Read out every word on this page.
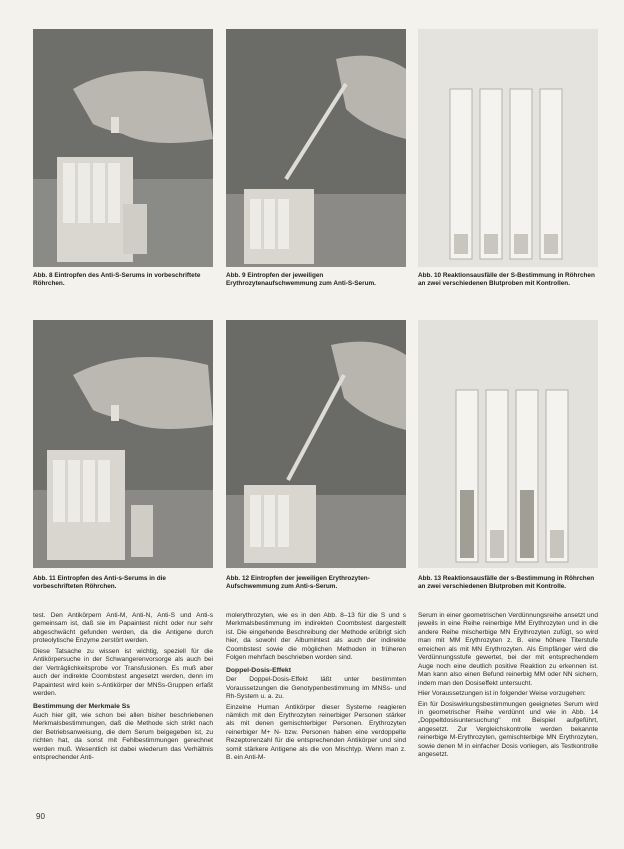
Abb. 8 Eintropfen des Anti-S-Serums in vorbeschriftete Röhrchen.
Abb. 9 Eintropfen der jeweiligen Erythrozytenaufschwemmung zum Anti-S-Serum.
Abb. 10 Reaktionsausfälle der S-Bestimmung in Röhrchen an zwei verschiedenen Blutproben mit Kontrollen.
Abb. 11 Eintropfen des Anti-s-Serums in die vorbeschrifteten Röhrchen.
Abb. 12 Eintropfen der jeweiligen Erythrozyten-Aufschwemmung zum Anti-s-Serum.
Abb. 13 Reaktionsausfälle der s-Bestimmung in Röhrchen an zwei verschiedenen Blutproben mit Kontrolle.

test. Den Antikörpern Anti-M, Anti-N, Anti-S und Anti-s gemeinsam ist, daß sie im Papaintest nicht oder nur sehr abgeschwächt gefunden werden, da die Antigene durch proteolytische Enzyme zerstört werden.

Diese Tatsache zu wissen ist wichtig, speziell für die Antikörpersuche in der Schwangerenvorsorge als auch bei der Verträglichkeitsprobe vor Transfusionen. Es muß aber auch der indirekte Coombstest angesetzt werden, denn im Papaintest wird kein s-Antikörper der MNSs-Gruppen erfaßt werden.

Bestimmung der Merkmale Ss

Auch hier gilt, wie schon bei allen bisher beschriebenen Merkmalsbestimmungen, daß die Methode sich strikt nach der Betriebsanweisung, die dem Serum beigegeben ist, zu richten hat, da sonst mit Fehlbestimmungen gerechnet werden muß. Wesentlich ist dabei wiederum das Verhältnis entsprechender Anti-

molerythrozyten, wie es in den Abb. 8–13 für die S und s Merkmalsbestimmung im indirekten Coombstest dargestellt ist. Die eingehende Beschreibung der Methode erübrigt sich hier, da sowohl der Albumintest als auch der indirekte Coombstest sowie die möglichen Methoden in früheren Folgen mehrfach beschrieben worden sind.

Doppel-Dosis-Effekt

Der Doppel-Dosis-Effekt läßt unter bestimmten Voraussetzungen die Genotypenbestimmung im MNSs- und Rh-System u. a. zu.

Einzelne Human Antikörper dieser Systeme reagieren nämlich mit den Erythrozyten reinerbiger Personen stärker als mit denen gemischterbiger Personen. Erythrozyten reinerbiger M+ N- bzw. Personen haben eine verdoppelte Rezeptorenzahl für die entsprechenden Antikörper und sind somit stärkere Antigene als die von Mischtyp. Wenn man z. B. ein Anti-M-

Serum in einer geometrischen Verdünnungsreihe ansetzt und jeweils in eine Reihe reinerbige MM Erythrozyten und in die andere Reihe mischerbige MN Erythrozyten zufügt, so wird man mit MM Erythrozyten z. B. eine höhere Titerstufe erreichen als mit MN Erythrozyten. Als Empfänger wird die Verdünnungsstufe gewertet, bei der mit entsprechendem Auge noch eine deutlich positive Reaktion zu erkennen ist. Man kann also einen Befund reinerbig MM oder NN sichern, indem man den Dosiseffekt untersucht.

Hier Voraussetzungen ist in folgender Weise vorzugehen:

Ein für Dosiswirkungsbestimmungen geeignetes Serum wird in geometrischer Reihe verdünnt und wie in Abb. 14 „Doppeltdosisuntersuchung" mit Beispiel aufgeführt, angesetzt. Zur Vergleichskontrolle werden bekannte reinerbige M-Erythrozyten, gemischterbige MN Erythrozyten, sowie denen M in einfacher Dosis vorliegen, als Testkontrolle angesetzt.

90
